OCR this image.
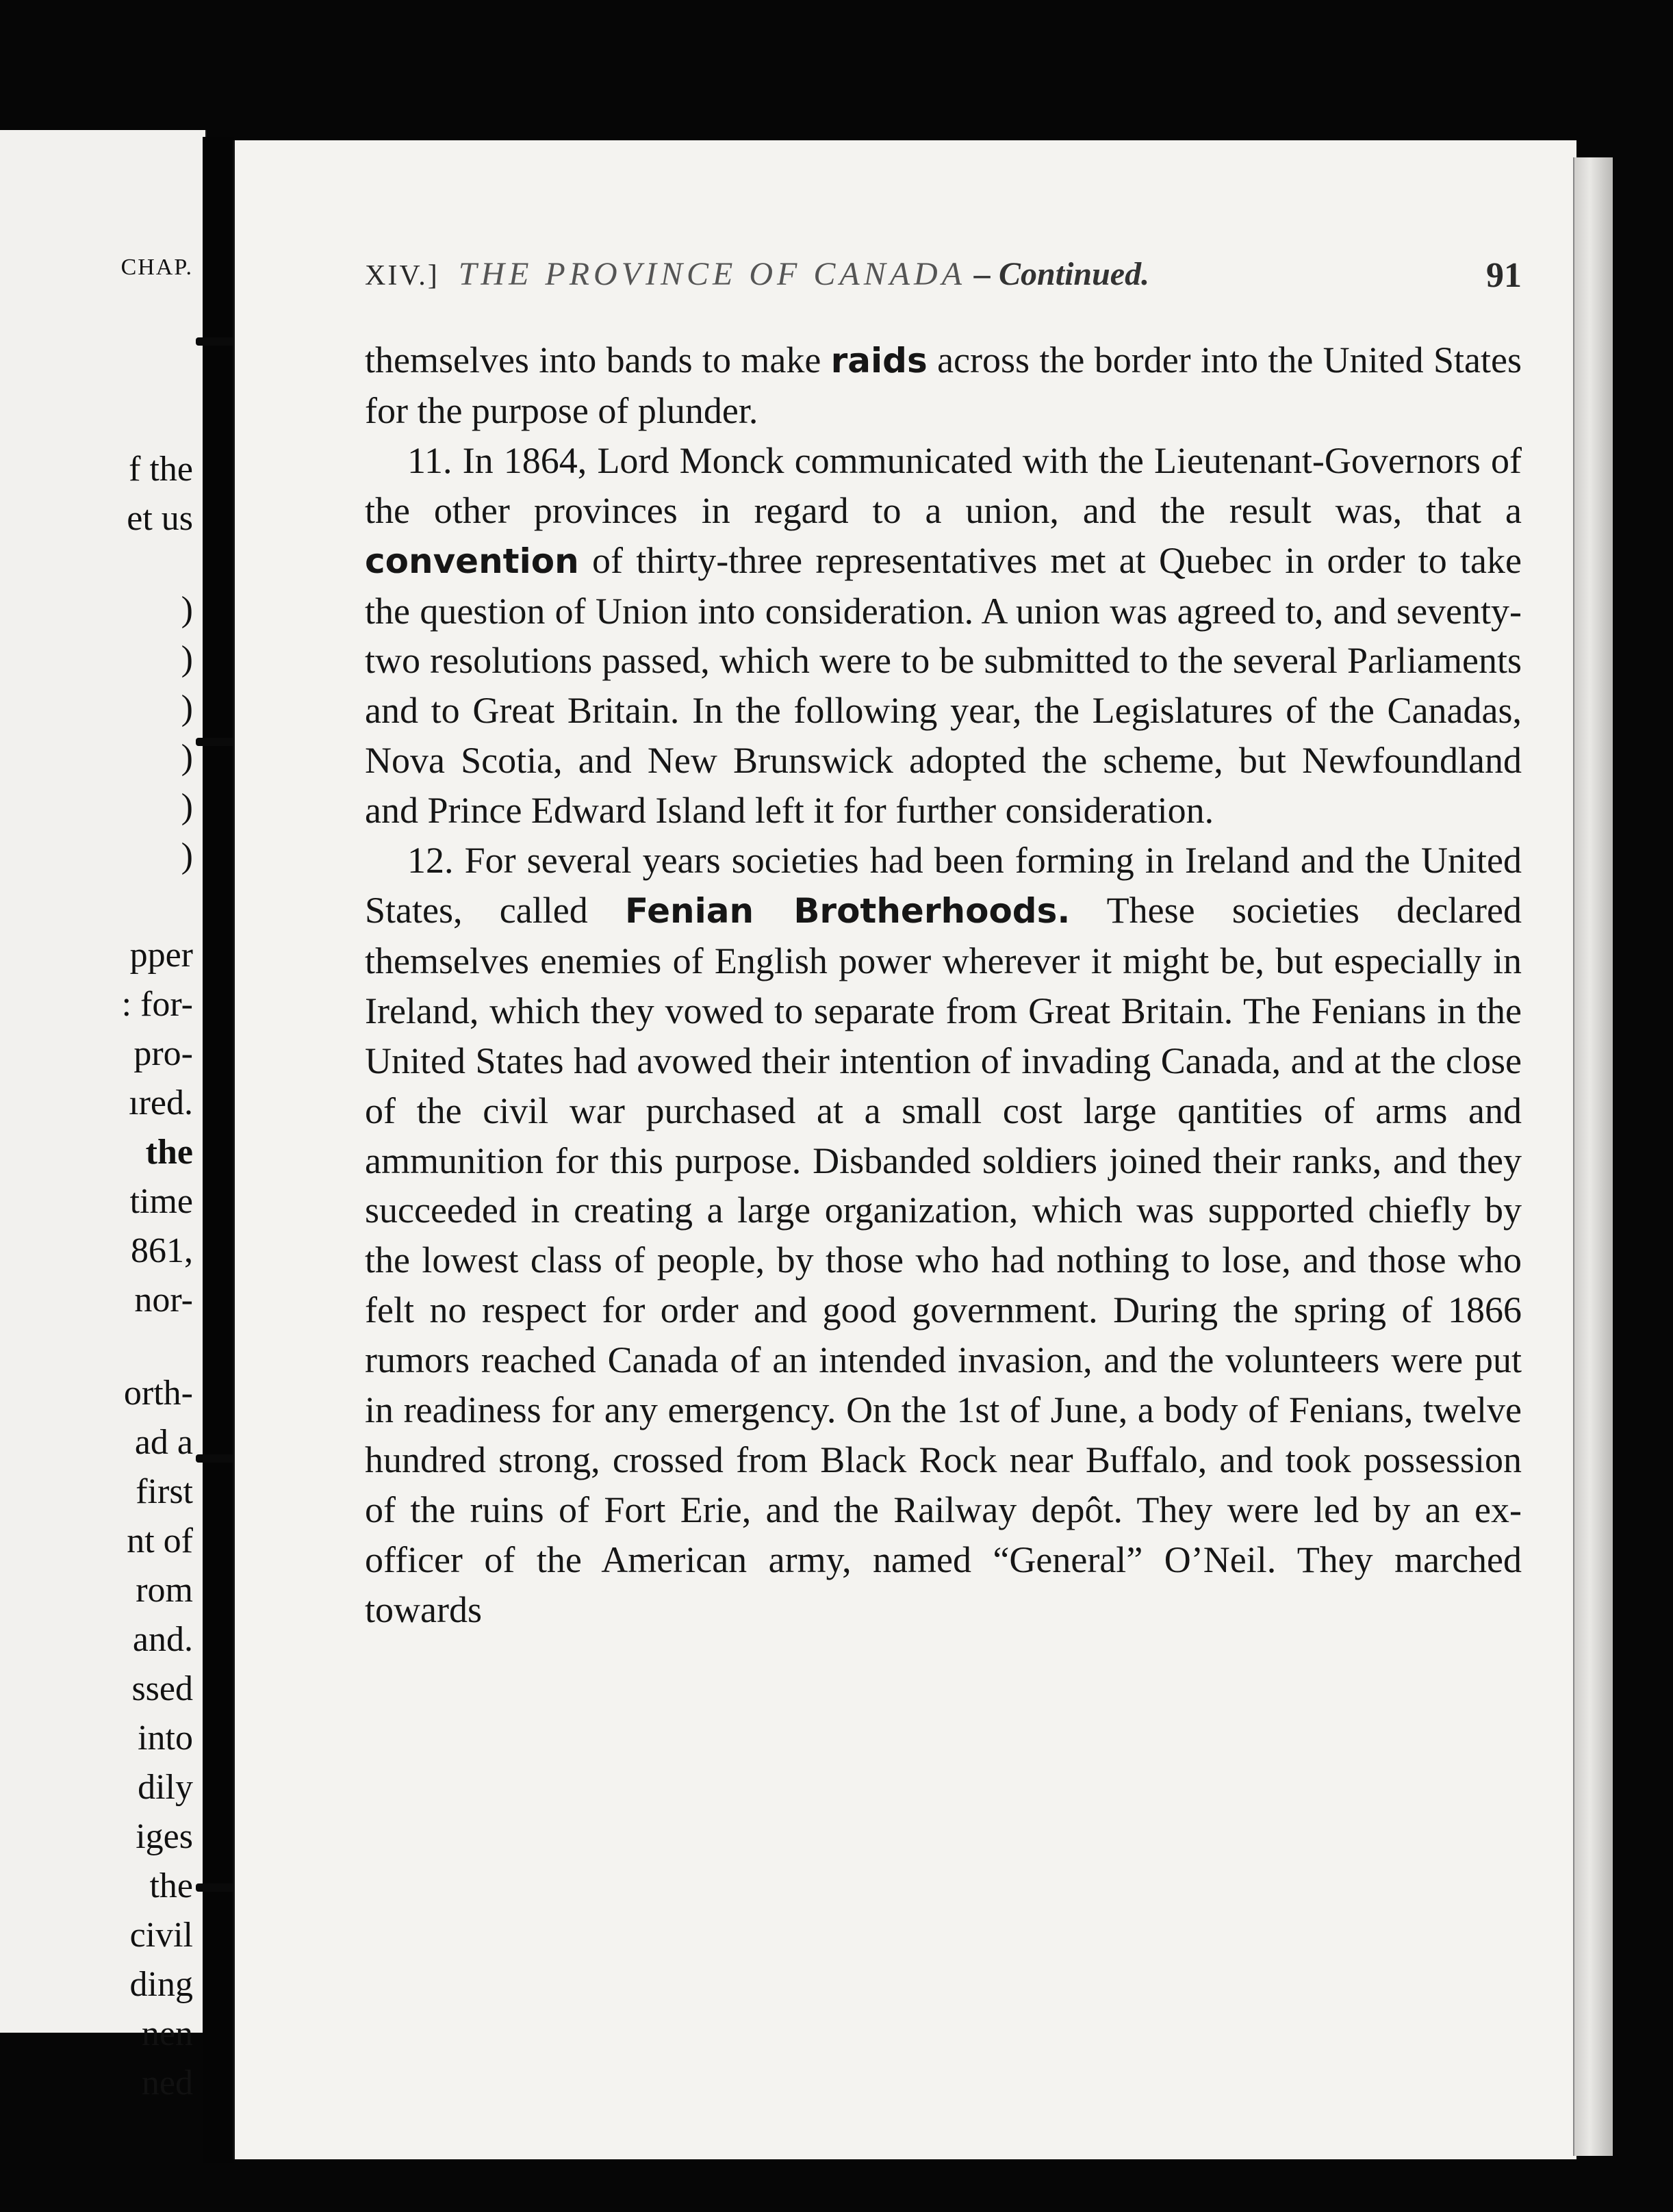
CHAP.
f the
et us
)
)
)
)
)
)
pper
: for-
pro-
ıred.
the
time
861,
nor-
orth-
ad a
first
nt of
rom
and.
ssed
into
dily
iges
the
civil
ding
nen
ned
XIV.] THE PROVINCE OF CANADA – Continued.	91

themselves into bands to make raids across the border into the United States for the purpose of plunder.

11. In 1864, Lord Monck communicated with the Lieutenant-Governors of the other provinces in regard to a union, and the result was, that a convention of thirty-three representatives met at Quebec in order to take the question of Union into consideration. A union was agreed to, and seventy-two resolutions passed, which were to be submitted to the several Parliaments and to Great Britain. In the following year, the Legislatures of the Canadas, Nova Scotia, and New Brunswick adopted the scheme, but Newfoundland and Prince Edward Island left it for further consideration.

12. For several years societies had been forming in Ireland and the United States, called Fenian Brotherhoods. These societies declared themselves enemies of English power wherever it might be, but especially in Ireland, which they vowed to separate from Great Britain. The Fenians in the United States had avowed their intention of invading Canada, and at the close of the civil war purchased at a small cost large qantities of arms and ammunition for this purpose. Disbanded soldiers joined their ranks, and they succeeded in creating a large organization, which was supported chiefly by the lowest class of people, by those who had nothing to lose, and those who felt no respect for order and good government. During the spring of 1866 rumors reached Canada of an intended invasion, and the volunteers were put in readiness for any emergency. On the 1st of June, a body of Fenians, twelve hundred strong, crossed from Black Rock near Buffalo, and took possession of the ruins of Fort Erie, and the Railway depôt. They were led by an ex-officer of the American army, named “General” O’Neil. They marched towards
